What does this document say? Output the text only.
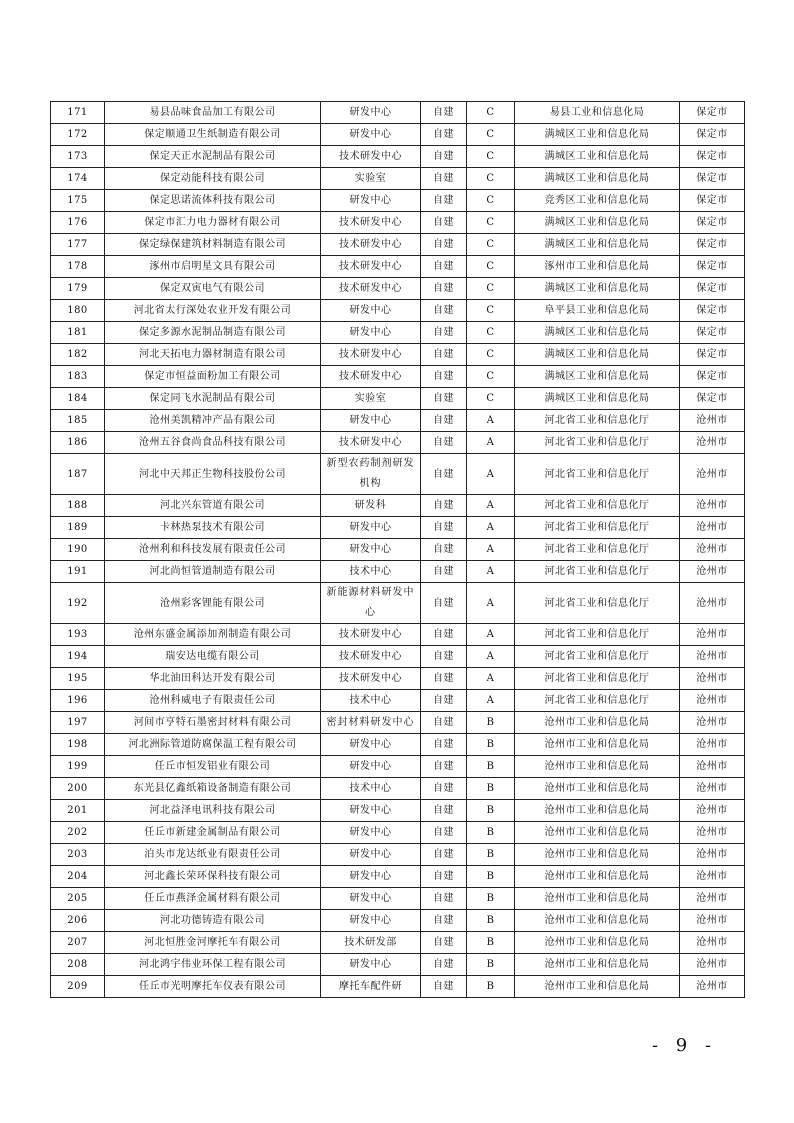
171	易县品味食品加工有限公司	研发中心	自建	C	易县工业和信息化局	保定市
172	保定顺通卫生纸制造有限公司	研发中心	自建	C	满城区工业和信息化局	保定市
173	保定天正水泥制品有限公司	技术研发中心	自建	C	满城区工业和信息化局	保定市
174	保定动能科技有限公司	实验室	自建	C	满城区工业和信息化局	保定市
175	保定思诺流体科技有限公司	研发中心	自建	C	竞秀区工业和信息化局	保定市
176	保定市汇力电力器材有限公司	技术研发中心	自建	C	满城区工业和信息化局	保定市
177	保定绿保建筑材料制造有限公司	技术研发中心	自建	C	满城区工业和信息化局	保定市
178	涿州市启明星文具有限公司	技术研发中心	自建	C	涿州市工业和信息化局	保定市
179	保定双寅电气有限公司	技术研发中心	自建	C	满城区工业和信息化局	保定市
180	河北省太行深处农业开发有限公司	研发中心	自建	C	阜平县工业和信息化局	保定市
181	保定多源水泥制品制造有限公司	研发中心	自建	C	满城区工业和信息化局	保定市
182	河北天拓电力器材制造有限公司	技术研发中心	自建	C	满城区工业和信息化局	保定市
183	保定市恒益面粉加工有限公司	技术研发中心	自建	C	满城区工业和信息化局	保定市
184	保定同飞水泥制品有限公司	实验室	自建	C	满城区工业和信息化局	保定市
185	沧州美凯精冲产品有限公司	研发中心	自建	A	河北省工业和信息化厅	沧州市
186	沧州五谷食尚食品科技有限公司	技术研发中心	自建	A	河北省工业和信息化厅	沧州市
187	河北中天邦正生物科技股份公司	新型农药制剂研发机构	自建	A	河北省工业和信息化厅	沧州市
188	河北兴东管道有限公司	研发科	自建	A	河北省工业和信息化厅	沧州市
189	卡林热泵技术有限公司	研发中心	自建	A	河北省工业和信息化厅	沧州市
190	沧州利和科技发展有限责任公司	研发中心	自建	A	河北省工业和信息化厅	沧州市
191	河北尚恒管道制造有限公司	技术中心	自建	A	河北省工业和信息化厅	沧州市
192	沧州彩客锂能有限公司	新能源材料研发中心	自建	A	河北省工业和信息化厅	沧州市
193	沧州东盛金属添加剂制造有限公司	技术研发中心	自建	A	河北省工业和信息化厅	沧州市
194	瑞安达电缆有限公司	技术研发中心	自建	A	河北省工业和信息化厅	沧州市
195	华北油田科达开发有限公司	技术研发中心	自建	A	河北省工业和信息化厅	沧州市
196	沧州科威电子有限责任公司	技术中心	自建	A	河北省工业和信息化厅	沧州市
197	河间市亨特石墨密封材料有限公司	密封材料研发中心	自建	B	沧州市工业和信息化局	沧州市
198	河北洲际管道防腐保温工程有限公司	研发中心	自建	B	沧州市工业和信息化局	沧州市
199	任丘市恒发铝业有限公司	研发中心	自建	B	沧州市工业和信息化局	沧州市
200	东光县亿鑫纸箱设备制造有限公司	技术中心	自建	B	沧州市工业和信息化局	沧州市
201	河北益泽电讯科技有限公司	研发中心	自建	B	沧州市工业和信息化局	沧州市
202	任丘市新建金属制品有限公司	研发中心	自建	B	沧州市工业和信息化局	沧州市
203	泊头市龙达纸业有限责任公司	研发中心	自建	B	沧州市工业和信息化局	沧州市
204	河北鑫长荣环保科技有限公司	研发中心	自建	B	沧州市工业和信息化局	沧州市
205	任丘市燕泽金属材料有限公司	研发中心	自建	B	沧州市工业和信息化局	沧州市
206	河北功德铸造有限公司	研发中心	自建	B	沧州市工业和信息化局	沧州市
207	河北恒胜金河摩托车有限公司	技术研发部	自建	B	沧州市工业和信息化局	沧州市
208	河北鸿宇伟业环保工程有限公司	研发中心	自建	B	沧州市工业和信息化局	沧州市
209	任丘市光明摩托车仪表有限公司	摩托车配件研	自建	B	沧州市工业和信息化局	沧州市
- 9 -
